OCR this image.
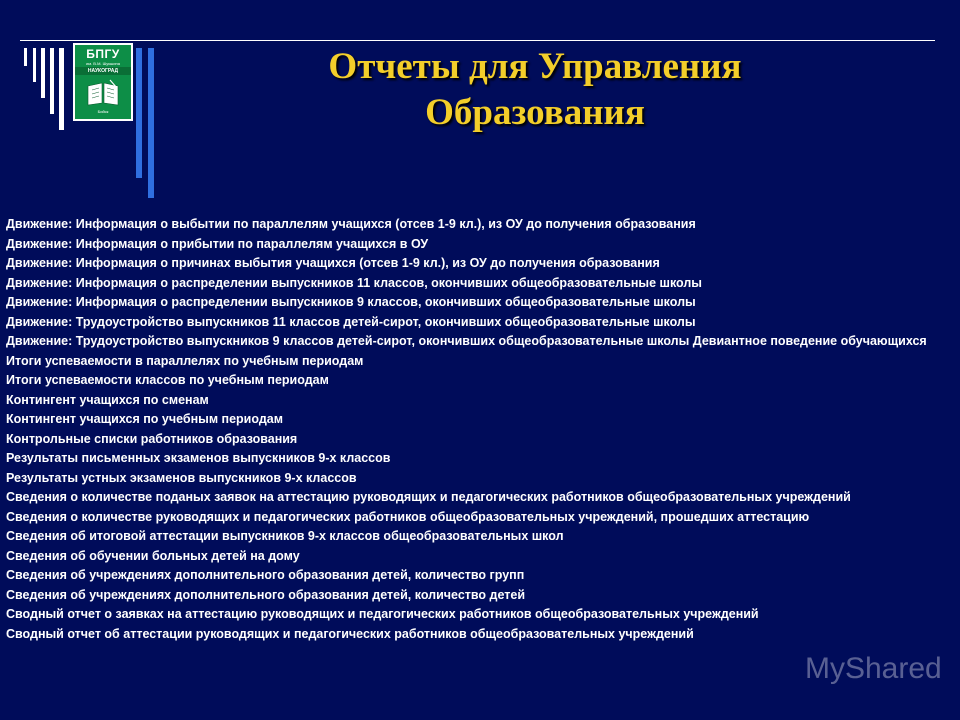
БПГУ
им. В.М. Шукшина
НАУКОГРАД
Бийск
Отчеты для Управления
Образования
Движение: Информация о выбытии по параллелям учащихся (отсев 1-9 кл.), из ОУ до получения образования
Движение: Информация о прибытии по параллелям учащихся в ОУ
Движение: Информация о причинах выбытия учащихся (отсев 1-9 кл.), из ОУ до получения образования
Движение: Информация о распределении выпускников 11 классов, окончивших общеобразовательные школы
Движение: Информация о распределении выпускников 9 классов, окончивших общеобразовательные школы
Движение: Трудоустройство выпускников 11 классов детей-сирот, окончивших общеобразовательные школы
Движение: Трудоустройство выпускников 9 классов детей-сирот, окончивших общеобразовательные школы Девиантное поведение обучающихся
Итоги успеваемости в параллелях по учебным периодам
Итоги успеваемости классов по учебным периодам
Контингент учащихся по сменам
Контингент учащихся по учебным периодам
Контрольные списки работников образования
Результаты письменных экзаменов выпускников 9-х классов
Результаты устных экзаменов выпускников 9-х классов
Сведения о количестве поданых заявок на аттестацию руководящих и педагогических работников общеобразовательных учреждений
Сведения о количестве руководящих и педагогических работников общеобразовательных учреждений, прошедших аттестацию
Сведения об итоговой аттестации выпускников 9-х классов общеобразовательных школ
Сведения об обучении больных детей на дому
Сведения об учреждениях дополнительного образования детей, количество групп
Сведения об учреждениях дополнительного образования детей, количество детей
Сводный отчет о заявках на аттестацию руководящих и педагогических работников общеобразовательных учреждений
Сводный отчет об аттестации руководящих и педагогических работников общеобразовательных учреждений
MyShared
